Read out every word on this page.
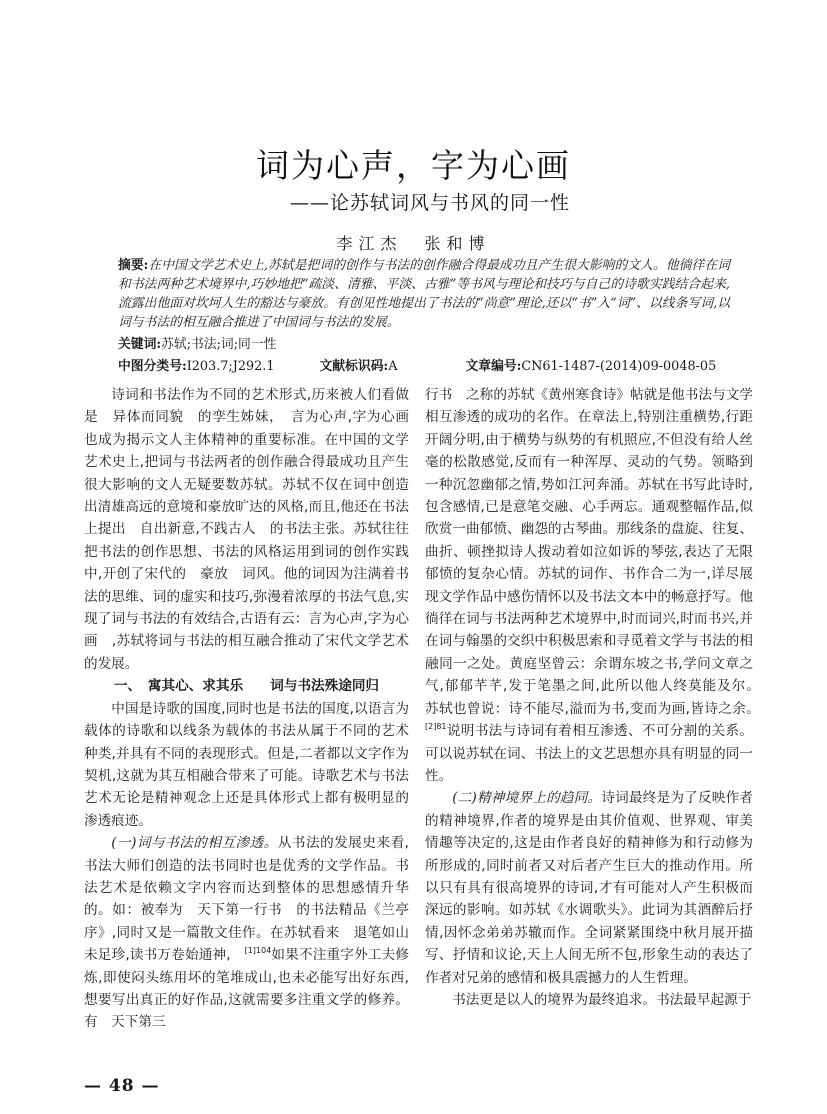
词为心声，字为心画
——论苏轼词风与书风的同一性
李江杰　张和博
摘要:在中国文学艺术史上,苏轼是把词的创作与书法的创作融合得最成功且产生很大影响的文人。他徜徉在词和书法两种艺术境界中,巧妙地把“疏淡、清雅、平淡、古雅”等书风与理论和技巧与自己的诗歌实践结合起来,流露出他面对坎坷人生的豁达与豪放。有创见性地提出了书法的“尚意”理论,还以“书”入“词”、以线条写词,以词与书法的相互融合推进了中国词与书法的发展。
关键词:苏轼;书法;词;同一性
中图分类号:I203.7;J292.1	文献标识码:A	文章编号:CN61-1487-(2014)09-0048-05

诗词和书法作为不同的艺术形式,历来被人们看做是　异体而同貌　的孪生姊妹，　言为心声,字为心画　也成为揭示文人主体精神的重要标准。在中国的文学艺术史上,把词与书法两者的创作融合得最成功且产生很大影响的文人无疑要数苏轼。苏轼不仅在词中创造出清雄高远的意境和豪放旷达的风格,而且,他还在书法上提出　自出新意,不践古人　的书法主张。苏轼往往把书法的创作思想、书法的风格运用到词的创作实践中,开创了宋代的　豪放　词风。他的词因为注满着书法的思维、词的虚实和技巧,弥漫着浓厚的书法气息,实现了词与书法的有效结合,古语有云：言为心声,字为心画　,苏轼将词与书法的相互融合推动了宋代文学艺术的发展。

一、　寓其心、求其乐　　词与书法殊途同归

中国是诗歌的国度,同时也是书法的国度,以语言为载体的诗歌和以线条为载体的书法从属于不同的艺术种类,并具有不同的表现形式。但是,二者都以文字作为契机,这就为其互相融合带来了可能。诗歌艺术与书法艺术无论是精神观念上还是具体形式上都有极明显的渗透痕迹。

(一)词与书法的相互渗透。从书法的发展史来看,书法大师们创造的法书同时也是优秀的文学作品。书法艺术是依赖文字内容而达到整体的思想感情升华的。如：被奉为　天下第一行书　的书法精品《兰亭序》,同时又是一篇散文佳作。在苏轼看来　退笔如山未足珍,读书万卷始通神,　$^{[1]104}$如果不注重字外工夫修炼,即使闷头练用坏的笔堆成山,也未必能写出好东西,想要写出真正的好作品,这就需要多注重文学的修养。有　天下第三

行书　之称的苏轼《黄州寒食诗》帖就是他书法与文学相互渗透的成功的名作。在章法上,特别注重横势,行距开阔分明,由于横势与纵势的有机照应,不但没有给人丝毫的松散感觉,反而有一种浑厚、灵动的气势。领略到一种沉忽幽郁之情,势如江河奔涌。苏轼在书写此诗时,包含感情,已是意笔交融、心手两忘。通观整幅作品,似欣赏一曲郁愤、幽怨的古琴曲。那线条的盘旋、往复、曲折、顿挫拟诗人拨动着如泣如诉的琴弦,表达了无限郁愤的复杂心情。苏轼的词作、书作合二为一,详尽展现文学作品中感伤情怀以及书法文本中的畅意抒写。他徜徉在词与书法两种艺术境界中,时而词兴,时而书兴,并在词与翰墨的交织中积极思索和寻觅着文学与书法的相融同一之处。黄庭坚曾云：余谓东坡之书,学问文章之气,郁郁芊芊,发于笔墨之间,此所以他人终莫能及尔。　苏轼也曾说：诗不能尽,溢而为书,变而为画,皆诗之余。　$^{[2]81}$说明书法与诗词有着相互渗透、不可分割的关系。可以说苏轼在词、书法上的文艺思想亦具有明显的同一性。

(二)精神境界上的趋同。诗词最终是为了反映作者的精神境界,作者的境界是由其价值观、世界观、审美情趣等决定的,这是由作者良好的精神修为和行动修为所形成的,同时前者又对后者产生巨大的推动作用。所以只有具有很高境界的诗词,才有可能对人产生积极而深远的影响。如苏轼《水调歌头》。此词为其酒醉后抒情,因怀念弟弟苏辙而作。全词紧紧围绕中秋月展开描写、抒情和议论,天上人间无所不包,形象生动的表达了作者对兄弟的感情和极具震撼力的人生哲理。

书法更是以人的境界为最终追求。书法最早起源于

— 48 —
